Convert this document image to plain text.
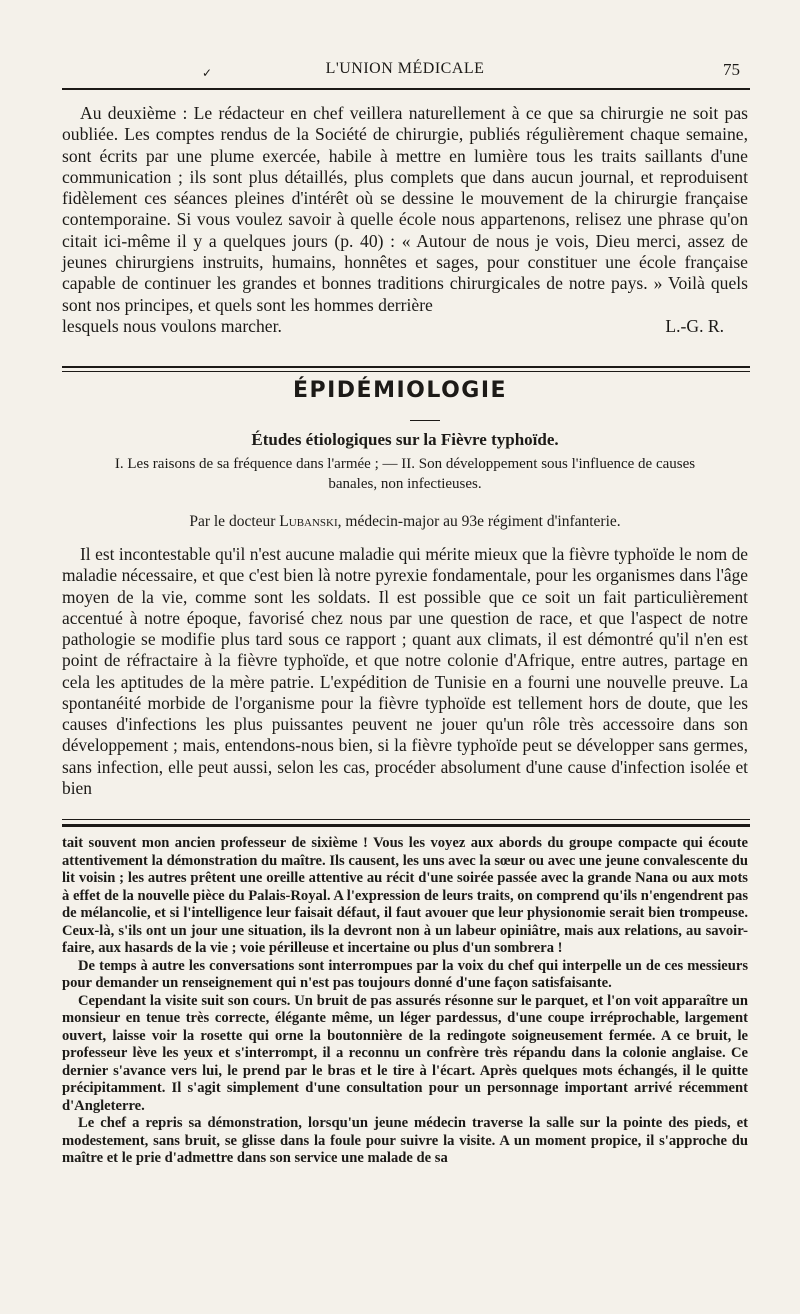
✓	L'UNION MÉDICALE	75
Au deuxième : Le rédacteur en chef veillera naturellement à ce que sa chirurgie ne soit pas oubliée. Les comptes rendus de la Société de chirurgie, publiés régulièrement chaque semaine, sont écrits par une plume exercée, habile à mettre en lumière tous les traits saillants d'une communication ; ils sont plus détaillés, plus complets que dans aucun journal, et reproduisent fidèlement ces séances pleines d'intérêt où se dessine le mouvement de la chirurgie française contemporaine. Si vous voulez savoir à quelle école nous appartenons, relisez une phrase qu'on citait ici-même il y a quelques jours (p. 40) : « Autour de nous je vois, Dieu merci, assez de jeunes chirurgiens instruits, humains, honnêtes et sages, pour constituer une école française capable de continuer les grandes et bonnes traditions chirurgicales de notre pays. » Voilà quels sont nos principes, et quels sont les hommes derrière
lesquels nous voulons marcher.	L.-G. R.
ÉPIDÉMIOLOGIE
Études étiologiques sur la Fièvre typhoïde.
I. Les raisons de sa fréquence dans l'armée ; — II. Son développement sous l'influence de causes
banales, non infectieuses.
Par le docteur Lubanski, médecin-major au 93e régiment d'infanterie.
Il est incontestable qu'il n'est aucune maladie qui mérite mieux que la fièvre typhoïde le nom de maladie nécessaire, et que c'est bien là notre pyrexie fondamentale, pour les organismes dans l'âge moyen de la vie, comme sont les soldats. Il est possible que ce soit un fait particulièrement accentué à notre époque, favorisé chez nous par une question de race, et que l'aspect de notre pathologie se modifie plus tard sous ce rapport ; quant aux climats, il est démontré qu'il n'en est point de réfractaire à la fièvre typhoïde, et que notre colonie d'Afrique, entre autres, partage en cela les aptitudes de la mère patrie. L'expédition de Tunisie en a fourni une nouvelle preuve. La spontanéité morbide de l'organisme pour la fièvre typhoïde est tellement hors de doute, que les causes d'infections les plus puissantes peuvent ne jouer qu'un rôle très accessoire dans son développement ; mais, entendons-nous bien, si la fièvre typhoïde peut se développer sans germes, sans infection, elle peut aussi, selon les cas, procéder absolument d'une cause d'infection isolée et bien

tait souvent mon ancien professeur de sixième ! Vous les voyez aux abords du groupe compacte qui écoute attentivement la démonstration du maître. Ils causent, les uns avec la sœur ou avec une jeune convalescente du lit voisin ; les autres prêtent une oreille attentive au récit d'une soirée passée avec la grande Nana ou aux mots à effet de la nouvelle pièce du Palais-Royal. A l'expression de leurs traits, on comprend qu'ils n'engendrent pas de mélancolie, et si l'intelligence leur faisait défaut, il faut avouer que leur physionomie serait bien trompeuse. Ceux-là, s'ils ont un jour une situation, ils la devront non à un labeur opiniâtre, mais aux relations, au savoir-faire, aux hasards de la vie ; voie périlleuse et incertaine ou plus d'un sombrera !

De temps à autre les conversations sont interrompues par la voix du chef qui interpelle un de ces messieurs pour demander un renseignement qui n'est pas toujours donné d'une façon satisfaisante.

Cependant la visite suit son cours. Un bruit de pas assurés résonne sur le parquet, et l'on voit apparaître un monsieur en tenue très correcte, élégante même, un léger pardessus, d'une coupe irréprochable, largement ouvert, laisse voir la rosette qui orne la boutonnière de la redingote soigneusement fermée. A ce bruit, le professeur lève les yeux et s'interrompt, il a reconnu un confrère très répandu dans la colonie anglaise. Ce dernier s'avance vers lui, le prend par le bras et le tire à l'écart. Après quelques mots échangés, il le quitte précipitamment. Il s'agit simplement d'une consultation pour un personnage important arrivé récemment d'Angleterre.

Le chef a repris sa démonstration, lorsqu'un jeune médecin traverse la salle sur la pointe des pieds, et modestement, sans bruit, se glisse dans la foule pour suivre la visite. A un moment propice, il s'approche du maître et le prie d'admettre dans son service une malade de sa
